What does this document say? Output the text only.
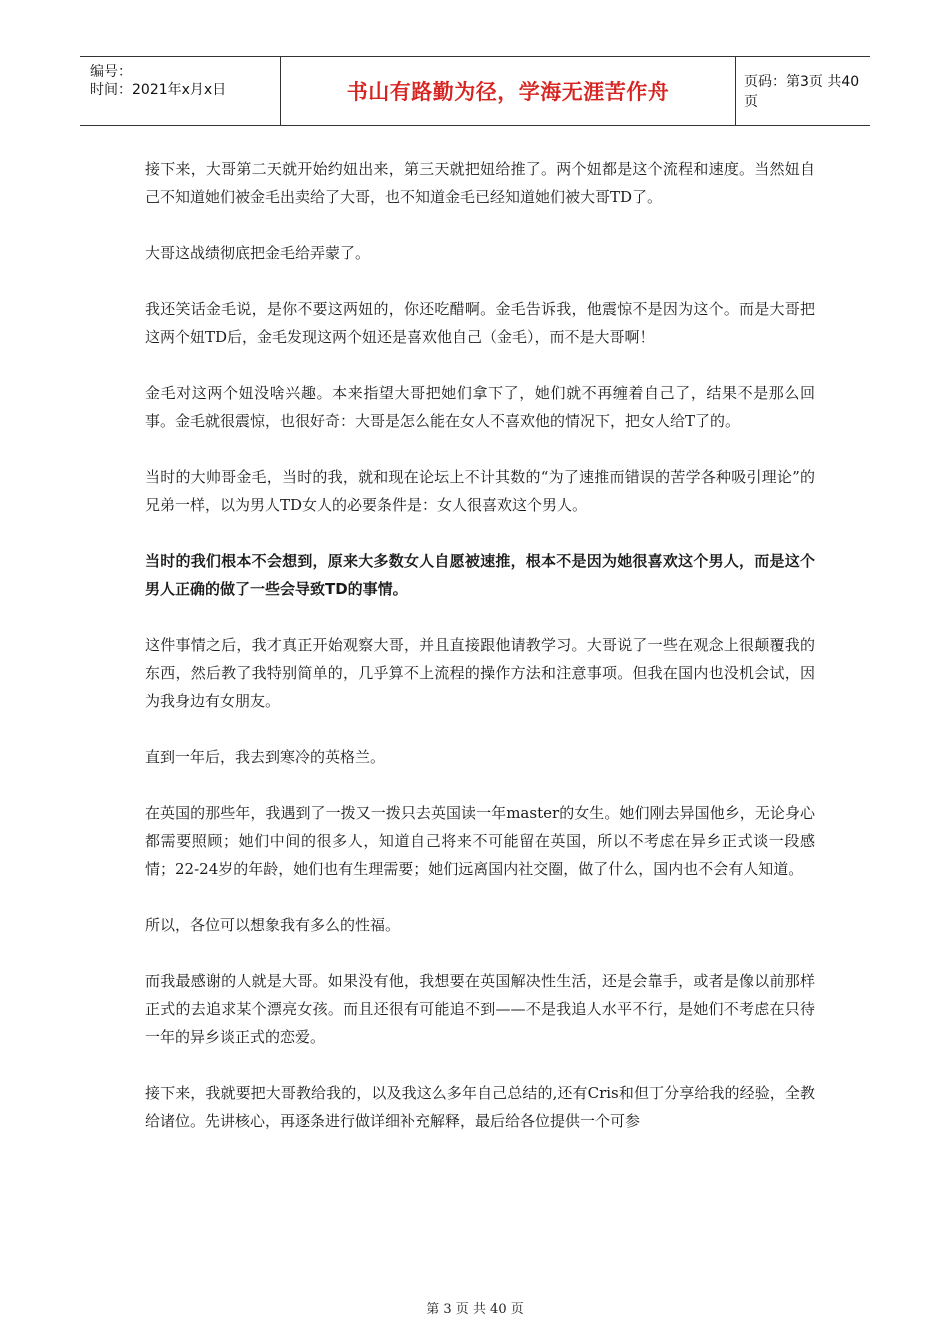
编号：
时间：2021年x月x日	书山有路勤为径，学海无涯苦作舟	页码：第3页 共40页

接下来，大哥第二天就开始约妞出来，第三天就把妞给推了。两个妞都是这个流程和速度。当然妞自己不知道她们被金毛出卖给了大哥，也不知道金毛已经知道她们被大哥TD了。

大哥这战绩彻底把金毛给弄蒙了。

我还笑话金毛说，是你不要这两妞的，你还吃醋啊。金毛告诉我，他震惊不是因为这个。而是大哥把这两个妞TD后，金毛发现这两个妞还是喜欢他自己（金毛），而不是大哥啊！

金毛对这两个妞没啥兴趣。本来指望大哥把她们拿下了，她们就不再缠着自己了，结果不是那么回事。金毛就很震惊，也很好奇：大哥是怎么能在女人不喜欢他的情况下，把女人给T了的。

当时的大帅哥金毛，当时的我，就和现在论坛上不计其数的“为了速推而错误的苦学各种吸引理论”的兄弟一样，以为男人TD女人的必要条件是：女人很喜欢这个男人。

当时的我们根本不会想到，原来大多数女人自愿被速推，根本不是因为她很喜欢这个男人，而是这个男人正确的做了一些会导致TD的事情。

这件事情之后，我才真正开始观察大哥，并且直接跟他请教学习。大哥说了一些在观念上很颠覆我的东西，然后教了我特别简单的，几乎算不上流程的操作方法和注意事项。但我在国内也没机会试，因为我身边有女朋友。

直到一年后，我去到寒冷的英格兰。

在英国的那些年，我遇到了一拨又一拨只去英国读一年master的女生。她们刚去异国他乡，无论身心都需要照顾；她们中间的很多人，知道自己将来不可能留在英国，所以不考虑在异乡正式谈一段感情；22-24岁的年龄，她们也有生理需要；她们远离国内社交圈，做了什么，国内也不会有人知道。

所以，各位可以想象我有多么的性福。

而我最感谢的人就是大哥。如果没有他，我想要在英国解决性生活，还是会靠手，或者是像以前那样正式的去追求某个漂亮女孩。而且还很有可能追不到——不是我追人水平不行，是她们不考虑在只待一年的异乡谈正式的恋爱。

接下来，我就要把大哥教给我的，以及我这么多年自己总结的,还有Cris和但丁分享给我的经验，全教给诸位。先讲核心，再逐条进行做详细补充解释，最后给各位提供一个可参

第 3 页 共 40 页
